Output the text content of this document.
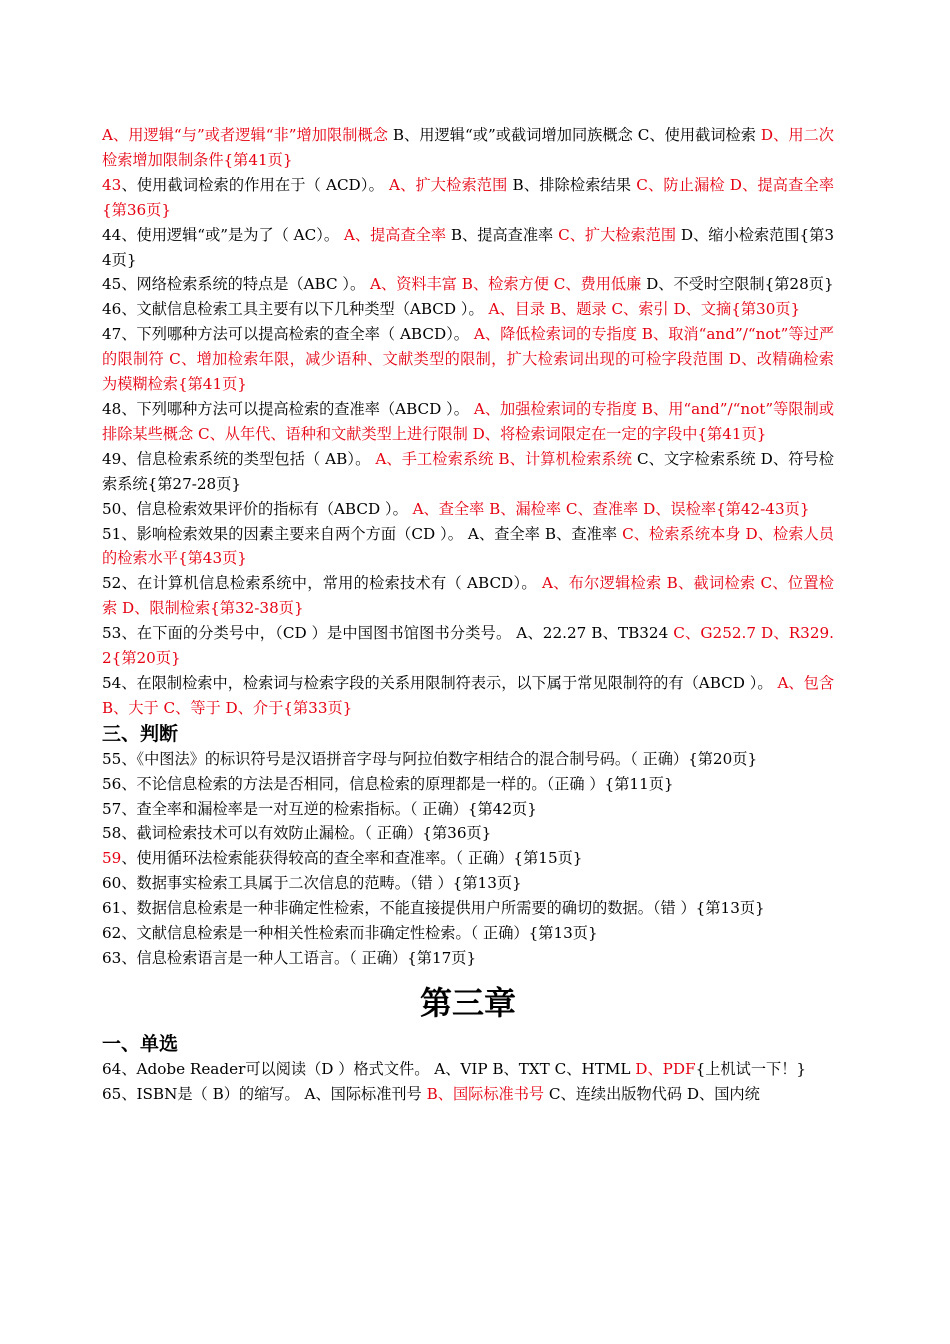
A、用逻辑“与”或者逻辑“非”增加限制概念 B、用逻辑“或”或截词增加同族概念 C、使用截词检索 D、用二次检索增加限制条件{第41页}

43、使用截词检索的作用在于（ ACD）。 A、扩大检索范围 B、排除检索结果 C、防止漏检 D、提高查全率{第36页}

44、使用逻辑“或”是为了（ AC）。 A、提高查全率 B、提高查准率 C、扩大检索范围 D、缩小检索范围{第34页}

45、网络检索系统的特点是（ABC ）。 A、资料丰富 B、检索方便 C、费用低廉 D、不受时空限制{第28页}

46、文献信息检索工具主要有以下几种类型（ABCD ）。 A、目录 B、题录 C、索引 D、文摘{第30页}

47、下列哪种方法可以提高检索的查全率（ ABCD）。 A、降低检索词的专指度 B、取消“and”/“not”等过严的限制符 C、增加检索年限，减少语种、文献类型的限制，扩大检索词出现的可检字段范围 D、改精确检索为模糊检索{第41页}

48、下列哪种方法可以提高检索的查准率（ABCD ）。 A、加强检索词的专指度 B、用“and”/“not”等限制或排除某些概念 C、从年代、语种和文献类型上进行限制 D、将检索词限定在一定的字段中{第41页}

49、信息检索系统的类型包括（ AB）。 A、手工检索系统 B、计算机检索系统 C、文字检索系统 D、符号检索系统{第27-28页}

50、信息检索效果评价的指标有（ABCD ）。 A、查全率 B、漏检率 C、查准率 D、误检率{第42-43页}

51、影响检索效果的因素主要来自两个方面（CD ）。 A、查全率 B、查准率 C、检索系统本身 D、检索人员的检索水平{第43页}

52、在计算机信息检索系统中，常用的检索技术有（ ABCD）。 A、布尔逻辑检索 B、截词检索 C、位置检索 D、限制检索{第32-38页}

53、在下面的分类号中，（CD ）是中国图书馆图书分类号。 A、22.27 B、TB324 C、G252.7 D、R329.2{第20页}

54、在限制检索中，检索词与检索字段的关系用限制符表示，以下属于常见限制符的有（ABCD ）。 A、包含 B、大于 C、等于 D、介于{第33页}

三、判断

55、《中图法》的标识符号是汉语拼音字母与阿拉伯数字相结合的混合制号码。（ 正确）{第20页}

56、不论信息检索的方法是否相同，信息检索的原理都是一样的。（正确 ）{第11页}

57、查全率和漏检率是一对互逆的检索指标。（ 正确）{第42页}

58、截词检索技术可以有效防止漏检。（ 正确）{第36页}

59、使用循环法检索能获得较高的查全率和查准率。（ 正确）{第15页}

60、数据事实检索工具属于二次信息的范畴。（错 ）{第13页}

61、数据信息检索是一种非确定性检索，不能直接提供用户所需要的确切的数据。（错 ）{第13页}

62、文献信息检索是一种相关性检索而非确定性检索。（ 正确）{第13页}

63、信息检索语言是一种人工语言。（ 正确）{第17页}

第三章
一、单选

64、Adobe Reader可以阅读（D ）格式文件。 A、VIP B、TXT C、HTML D、PDF{上机试一下！}

65、ISBN是（ B）的缩写。 A、国际标准刊号 B、国际标准书号 C、连续出版物代码 D、国内统
